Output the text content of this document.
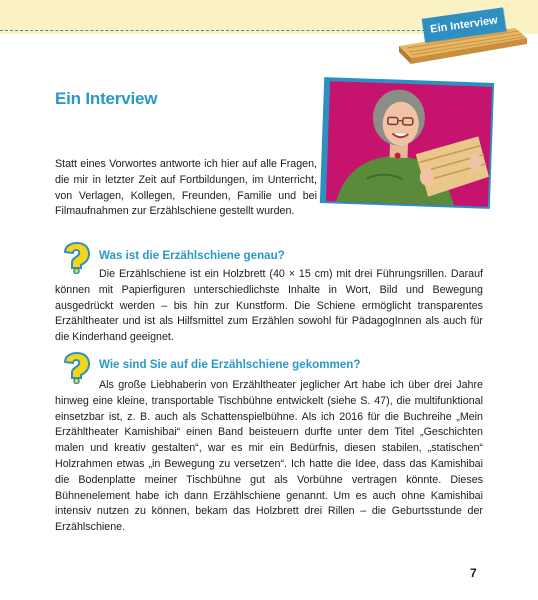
Ein Interview
Ein Interview
Statt eines Vorwortes antworte ich hier auf alle Fragen, die mir in letzter Zeit auf Fortbildungen, im Unterricht, von Verlagen, Kollegen, Freunden, Familie und bei Filmaufnahmen zur Erzählschiene gestellt wurden.
Was ist die Erzählschiene genau?
Die Erzählschiene ist ein Holzbrett (40 × 15 cm) mit drei Führungsrillen. Darauf können mit Papierfiguren unterschiedlichste Inhalte in Wort, Bild und Bewegung ausgedrückt werden – bis hin zur Kunstform. Die Schiene ermöglicht transparentes Erzähltheater und ist als Hilfsmittel zum Erzählen sowohl für PädagogInnen als auch für die Kinderhand geeignet.
Wie sind Sie auf die Erzählschiene gekommen?
Als große Liebhaberin von Erzähltheater jeglicher Art habe ich über drei Jahre hinweg eine kleine, transportable Tischbühne entwickelt (siehe S. 47), die multifunktional einsetzbar ist, z. B. auch als Schattenspielbühne. Als ich 2016 für die Buchreihe „Mein Erzähltheater Kamishibai“ einen Band beisteuern durfte unter dem Titel „Geschichten malen und kreativ gestalten“, war es mir ein Bedürfnis, diesen stabilen, „statischen“ Holzrahmen etwas „in Bewegung zu versetzen“. Ich hatte die Idee, dass das Kamishibai die Bodenplatte meiner Tischbühne gut als Vorbühne vertragen könnte. Dieses Bühnenelement habe ich dann Erzählschiene genannt. Um es auch ohne Kamishibai intensiv nutzen zu können, bekam das Holzbrett drei Rillen – die Geburtsstunde der Erzählschiene.
7
